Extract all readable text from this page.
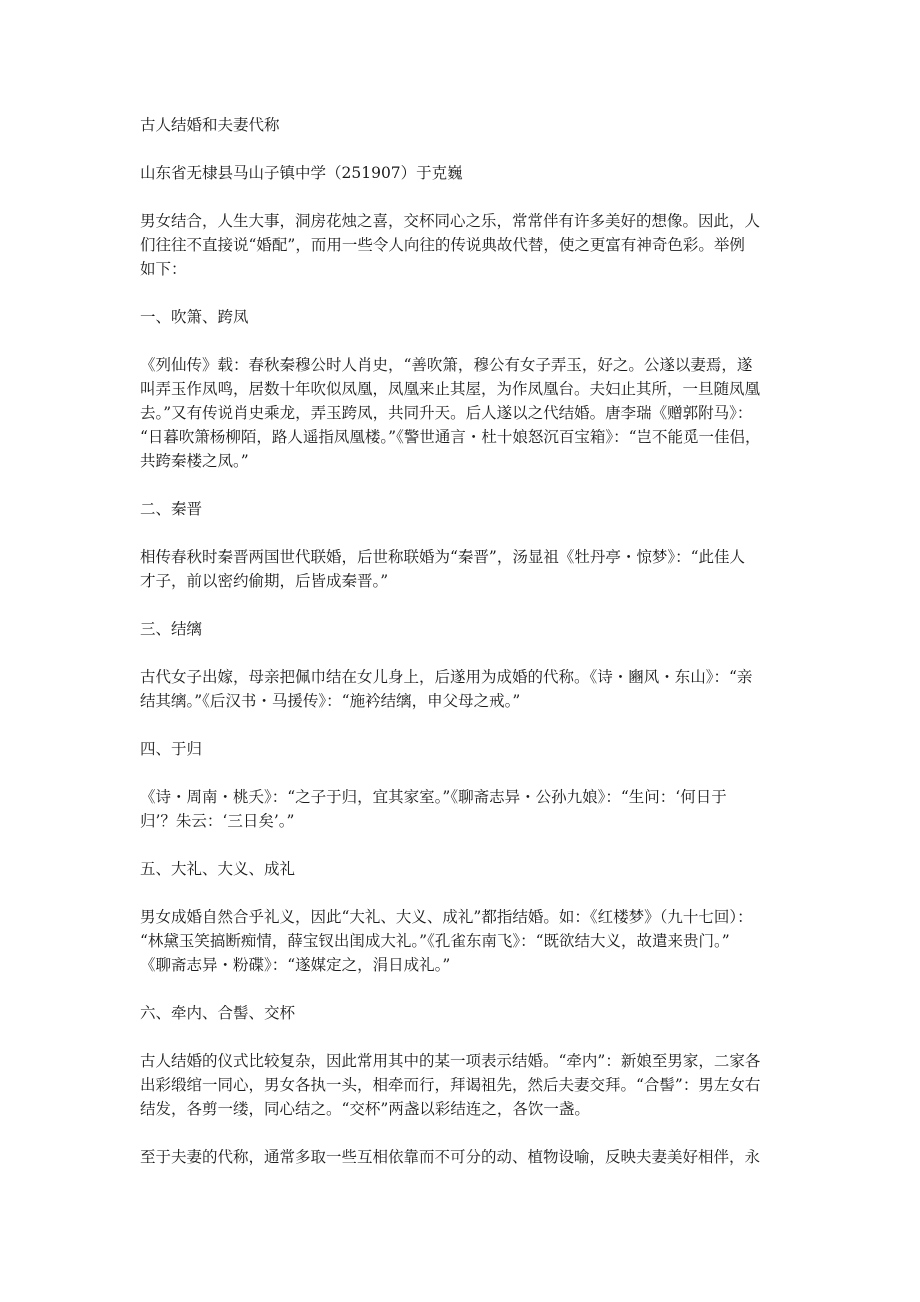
古人结婚和夫妻代称

山东省无棣县马山子镇中学（251907）于克巍

男女结合，人生大事，洞房花烛之喜，交杯同心之乐，常常伴有许多美好的想像。因此，人

们往往不直接说“婚配”，而用一些令人向往的传说典故代替，使之更富有神奇色彩。举例

如下：

一、吹箫、跨凤

《列仙传》载：春秋秦穆公时人肖史，“善吹箫，穆公有女子弄玉，好之。公遂以妻焉，遂

叫弄玉作凤鸣，居数十年吹似凤凰，凤凰来止其屋，为作凤凰台。夫妇止其所，一旦随凤凰

去。”又有传说肖史乘龙，弄玉跨凤，共同升天。后人遂以之代结婚。唐李瑞《赠郭附马》：

“日暮吹箫杨柳陌，路人遥指凤凰楼。”《警世通言・杜十娘怒沉百宝箱》：“岂不能觅一佳侣，

共跨秦楼之凤。”

二、秦晋

相传春秋时秦晋两国世代联婚，后世称联婚为“秦晋”，汤显祖《牡丹亭・惊梦》：“此佳人

才子，前以密约偷期，后皆成秦晋。”

三、结缡

古代女子出嫁，母亲把佩巾结在女儿身上，后遂用为成婚的代称。《诗・豳风・东山》：“亲

结其缡。”《后汉书・马援传》：“施衿结缡，申父母之戒。”

四、于归

《诗・周南・桃夭》：“之子于归，宜其家室。”《聊斋志异・公孙九娘》：“生问：‘何日于

归’？朱云：‘三日矣’。”

五、大礼、大义、成礼

男女成婚自然合乎礼义，因此“大礼、大义、成礼”都指结婚。如：《红楼梦》（九十七回）：

“林黛玉笑搞断痴情，薛宝钗出闺成大礼。”《孔雀东南飞》：“既欲结大义，故遣来贵门。”

《聊斋志异・粉碟》：“遂媒定之，涓日成礼。”

六、牵内、合髻、交杯

古人结婚的仪式比较复杂，因此常用其中的某一项表示结婚。“牵内”：新娘至男家，二家各

出彩缎绾一同心，男女各执一头，相牵而行，拜谒祖先，然后夫妻交拜。“合髻”：男左女右

结发，各剪一缕，同心结之。“交杯”两盏以彩结连之，各饮一盏。

至于夫妻的代称，通常多取一些互相依靠而不可分的动、植物设喻，反映夫妻美好相伴，永
